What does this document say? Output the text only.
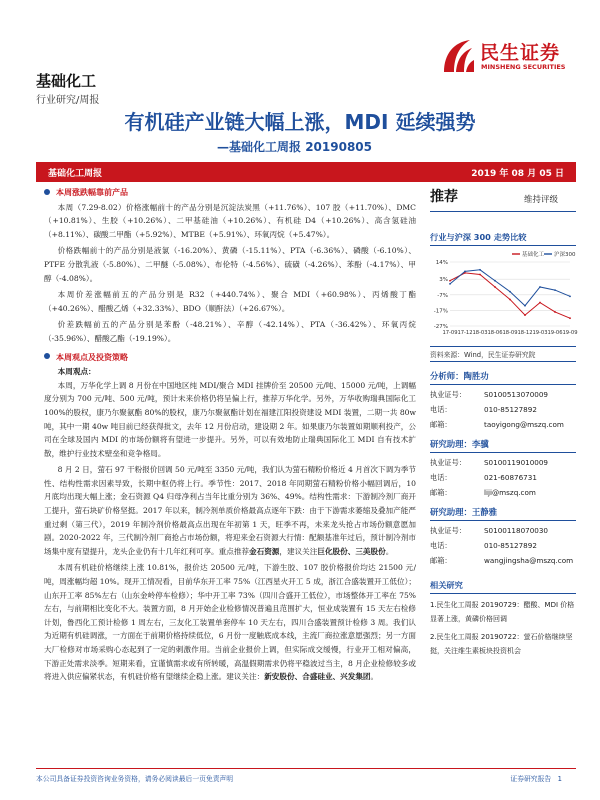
基础化工
行业研究/周报
民生证券
MINSHENG SECURITIES
有机硅产业链大幅上涨，MDI 延续强势
—基础化工周报 20190805
基础化工周报	2019 年 08 月 05 日
本周涨跌幅靠前产品

本周（7.29-8.02）价格涨幅前十的产品分别是沉淀法炭黑（+11.76%）、107 胶（+11.70%）、DMC（+10.81%）、生胶（+10.26%）、二甲基硅油（+10.26%）、有机硅 D4（+10.26%）、高含氢硅油（+8.11%）、碳酸二甲酯（+5.92%）、MTBE（+5.91%）、环氧丙烷（+5.47%）。

价格跌幅前十的产品分别是液氯（-16.20%）、黄磷（-15.11%）、PTA（-6.36%）、磷酸（-6.10%）、PTFE 分散乳液（-5.80%）、二甲醚（-5.08%）、布伦特（-4.56%）、硫磺（-4.26%）、苯酚（-4.17%）、甲醇（-4.08%）。

本周价差涨幅前五的产品分别是 R32（+440.74%）、聚合 MDI（+60.98%）、丙烯酸丁酯（+40.26%）、醋酸乙烯（+32.33%）、BDO（顺酐法）（+26.67%）。

价差跌幅前五的产品分别是苯酚（-48.21%）、辛醇（-42.14%）、PTA（-36.42%）、环氧丙烷（-35.96%）、醋酸乙酯（-19.19%）。

本周观点及投资策略

本周观点：

本周，万华化学上调 8 月份在中国地区纯 MDI/聚合 MDI 挂牌价至 20500 元/吨、15000 元/吨，上调幅度分别为 700 元/吨、500 元/吨，预计未来价格仍将呈偏上行，推荐万华化学。另外，万华收购瑞典国际化工 100%的股权，康乃尔聚氨酯 80%的股权，康乃尔聚氨酯计划在福建江阳投资建设 MDI 装置，二期一共 80w 吨，其中一期 40w 吨目前已经获得批文，去年 12 月份启动，建设期 2 年。如果康乃尔装置如期顺利投产，公司在全球及国内 MDI 的市场份额将有望进一步提升。另外，可以有效地防止瑞典国际化工 MDI 自有技术扩散，维护行业技术壁垒和竞争格局。

8 月 2 日，萤石 97 干粉报价回调 50 元/吨至 3350 元/吨，我们认为萤石精粉价格近 4 月首次下调为季节性、结构性需求因素导致，长期中枢仍将上行。季节性：2017、2018 年同期萤石精粉价格小幅回调后，10 月底均出现大幅上涨；金石资源 Q4 归母净利占当年比重分别为 36%、49%。结构性需求：下游制冷剂厂商开工提升，萤石块矿价格坚挺。2017 年以来，制冷剂单质价格最高点逐年下跌：由于下游需求萎缩及叠加产能严重过剩（第三代），2019 年制冷剂价格最高点出现在年初第 1 天，旺季不再，未来龙头抢占市场份额意愿加剧。2020-2022 年，三代制冷剂厂商抢占市场份额，将迎来金石资源大行情：配额基准年过后，预计制冷剂市场集中度有望提升，龙头企业仍有十几年红利可享。重点推荐金石资源，建议关注巨化股份、三美股份。

本周有机硅价格继续上涨 10.81%，报价达 20500 元/吨，下游生胶、107 胶价格报价均达 21500 元/吨，周涨幅均超 10%。现开工情况看，目前华东开工率 75%（江西星火开工 5 成，浙江合盛装置开工低位）；山东开工率 85%左右（山东金岭停车检修）；华中开工率 73%（四川合盛开工低位），市场整体开工率在 75%左右，与前期相比变化不大。装置方面，8 月开始企业检修情况普遍且范围扩大，恒业成装置有 15 天左右检修计划，鲁西化工预计检修 1 周左右，三友化工装置单套停车 10 天左右，四川合盛装置预计检修 3 周。我们认为近期有机硅调涨，一方面在于前期价格持续低位，6 月份一度触底成本线，主流厂商拉涨意愿强烈；另一方面大厂检修对市场采购心态起到了一定的刺激作用。当前企业报价上调，但实际成交缓慢，行业开工相对偏高，下游正处需求淡季。短期来看，宜谨慎需求或有所转暖，高温假期需求仍将平稳波过当主，8 月企业检修较多或将进入供应偏紧状态，有机硅价格有望继续企稳上涨。建议关注：新安股份、合盛硅业、兴发集团。

推荐	维持评级
行业与沪深 300 走势比较
14%
3%
-7%
-17%
-27%
17-09 17-12 18-03 18-06 18-09 18-12 19-03 19-06 19-09
基础化工 沪深300
资料来源：Wind，民生证券研究院
分析师：陶胜功
执业证号：	S0100513070009
电话：	010-85127892
邮箱：	taoyigong@mszq.com
研究助理：李骥
执业证号：	S0100119010009
电话：	021-60876731
邮箱：	liji@mszq.com
研究助理：王静雅
执业证号：	S0100118070030
电话：	010-85127892
邮箱：	wangjingsha@mszq.com
相关研究
1.民生化工周报 20190729：醋酸、MDI 价格显著上涨，黄磷价格回调
2.民生化工周报 20190722：萤石价格继续坚挺，关注维生素板块投资机会
本公司具备证券投资咨询业务资格，请务必阅读最后一页免责声明	证券研究报告 1
